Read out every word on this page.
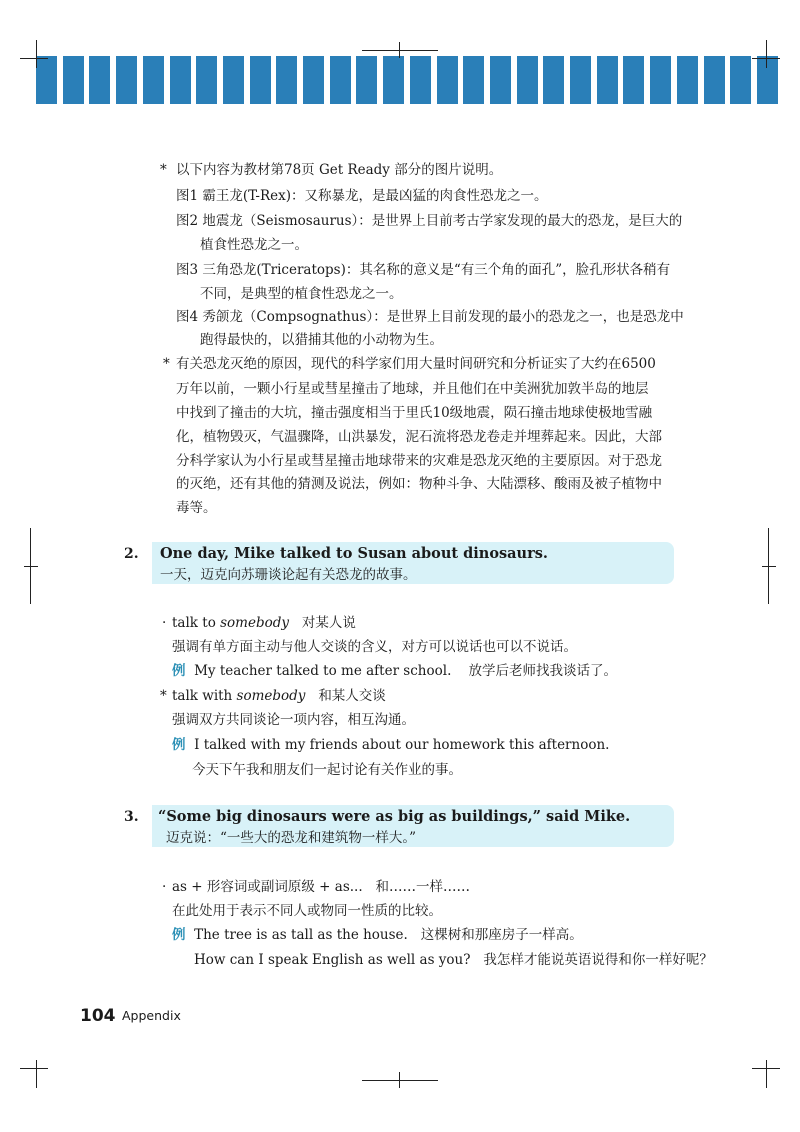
* 以下内容为教材第78页 Get Ready 部分的图片说明。
图1 霸王龙(T-Rex)：又称暴龙，是最凶猛的肉食性恐龙之一。
图2 地震龙（Seismosaurus）：是世界上目前考古学家发现的最大的恐龙，是巨大的
植食性恐龙之一。
图3 三角恐龙(Triceratops)：其名称的意义是“有三个角的面孔”，脸孔形状各稍有
不同，是典型的植食性恐龙之一。
图4 秀颌龙（Compsognathus）：是世界上目前发现的最小的恐龙之一，也是恐龙中
跑得最快的，以猎捕其他的小动物为生。
* 有关恐龙灭绝的原因，现代的科学家们用大量时间研究和分析证实了大约在6500
万年以前，一颗小行星或彗星撞击了地球，并且他们在中美洲犹加敦半岛的地层
中找到了撞击的大坑，撞击强度相当于里氏10级地震，陨石撞击地球使极地雪融
化，植物毁灭，气温骤降，山洪暴发，泥石流将恐龙卷走并埋葬起来。因此，大部
分科学家认为小行星或彗星撞击地球带来的灾难是恐龙灭绝的主要原因。对于恐龙
的灭绝，还有其他的猜测及说法，例如：物种斗争、大陆漂移、酸雨及被子植物中
毒等。
2. One day, Mike talked to Susan about dinosaurs.
一天，迈克向苏珊谈论起有关恐龙的故事。
· talk to somebody 对某人说
强调有单方面主动与他人交谈的含义，对方可以说话也可以不说话。
例 My teacher talked to me after school. 放学后老师找我谈话了。
* talk with somebody 和某人交谈
强调双方共同谈论一项内容，相互沟通。
例 I talked with my friends about our homework this afternoon.
今天下午我和朋友们一起讨论有关作业的事。
3. “Some big dinosaurs were as big as buildings,” said Mike.
迈克说：“一些大的恐龙和建筑物一样大。”
· as + 形容词或副词原级 + as... 和……一样……
在此处用于表示不同人或物同一性质的比较。
例 The tree is as tall as the house. 这棵树和那座房子一样高。
How can I speak English as well as you? 我怎样才能说英语说得和你一样好呢？
104 Appendix
